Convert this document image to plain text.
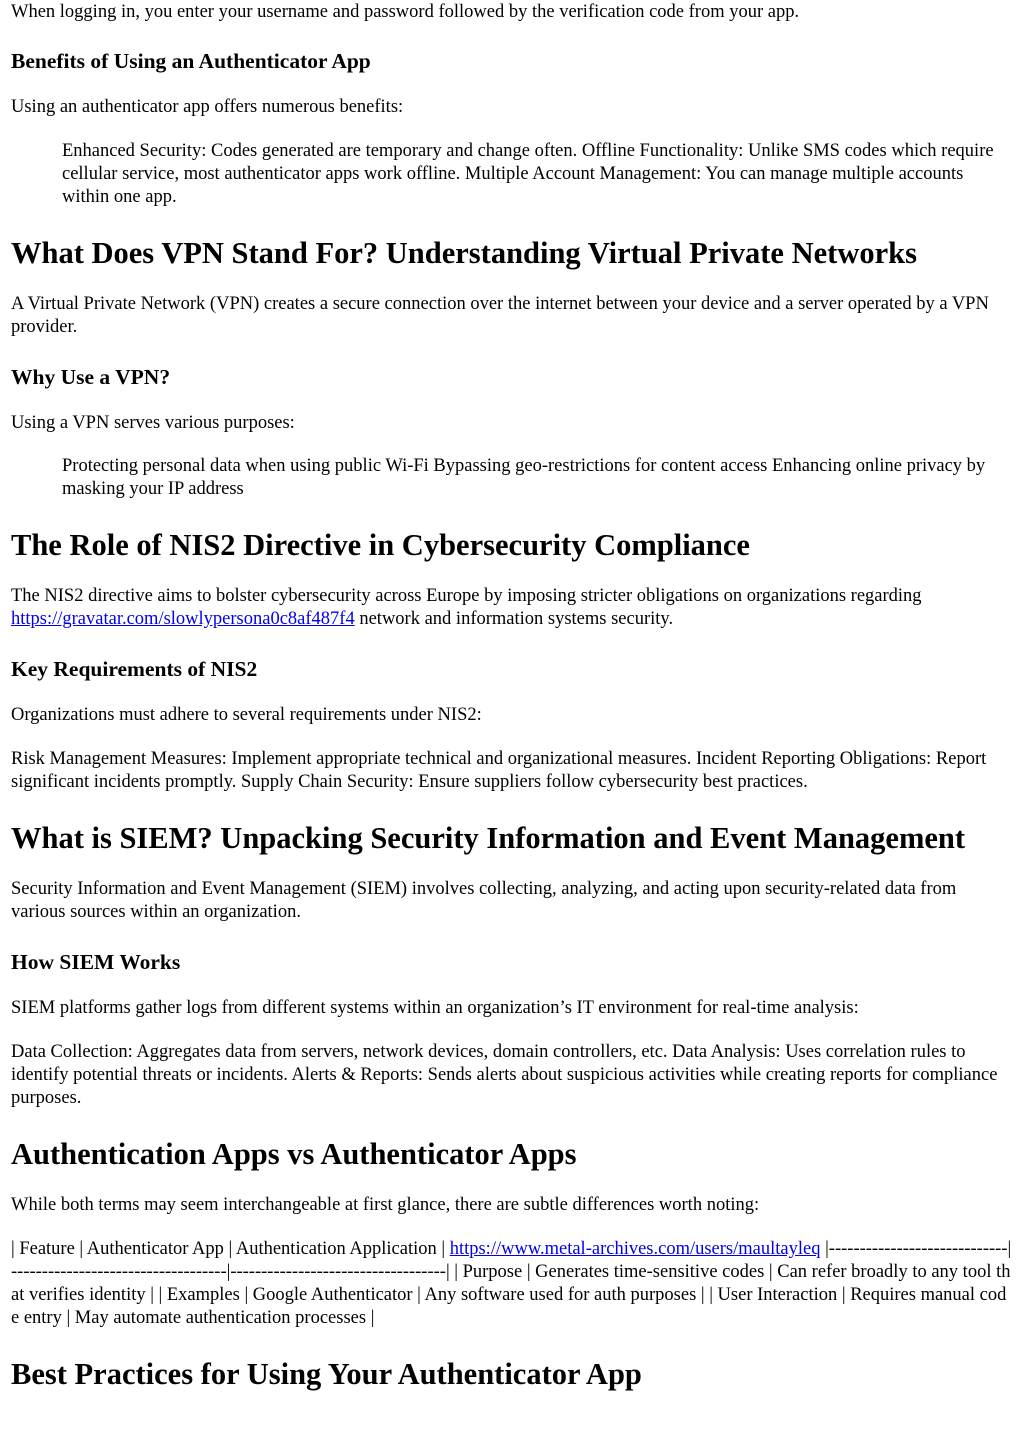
When logging in, you enter your username and password followed by the verification code from your app.

Benefits of Using an Authenticator App

Using an authenticator app offers numerous benefits:

Enhanced Security: Codes generated are temporary and change often. Offline Functionality: Unlike SMS codes which require cellular service, most authenticator apps work offline. Multiple Account Management: You can manage multiple accounts within one app.

What Does VPN Stand For? Understanding Virtual Private Networks

A Virtual Private Network (VPN) creates a secure connection over the internet between your device and a server operated by a VPN provider.

Why Use a VPN?

Using a VPN serves various purposes:

Protecting personal data when using public Wi-Fi Bypassing geo-restrictions for content access Enhancing online privacy by masking your IP address

The Role of NIS2 Directive in Cybersecurity Compliance

The NIS2 directive aims to bolster cybersecurity across Europe by imposing stricter obligations on organizations regarding https://gravatar.com/slowlypersona0c8af487f4 network and information systems security.

Key Requirements of NIS2

Organizations must adhere to several requirements under NIS2:

Risk Management Measures: Implement appropriate technical and organizational measures. Incident Reporting Obligations: Report significant incidents promptly. Supply Chain Security: Ensure suppliers follow cybersecurity best practices.

What is SIEM? Unpacking Security Information and Event Management

Security Information and Event Management (SIEM) involves collecting, analyzing, and acting upon security-related data from various sources within an organization.

How SIEM Works

SIEM platforms gather logs from different systems within an organization’s IT environment for real-time analysis:

Data Collection: Aggregates data from servers, network devices, domain controllers, etc. Data Analysis: Uses correlation rules to identify potential threats or incidents. Alerts & Reports: Sends alerts about suspicious activities while creating reports for compliance purposes.

Authentication Apps vs Authenticator Apps

While both terms may seem interchangeable at first glance, there are subtle differences worth noting:

| Feature | Authenticator App | Authentication Application | https://www.metal-archives.com/users/maultayleq |-----------------------------|-----------------------------------|-----------------------------------| | Purpose | Generates time-sensitive codes | Can refer broadly to any tool that verifies identity | | Examples | Google Authenticator | Any software used for auth purposes | | User Interaction | Requires manual code entry | May automate authentication processes |

Best Practices for Using Your Authenticator App
